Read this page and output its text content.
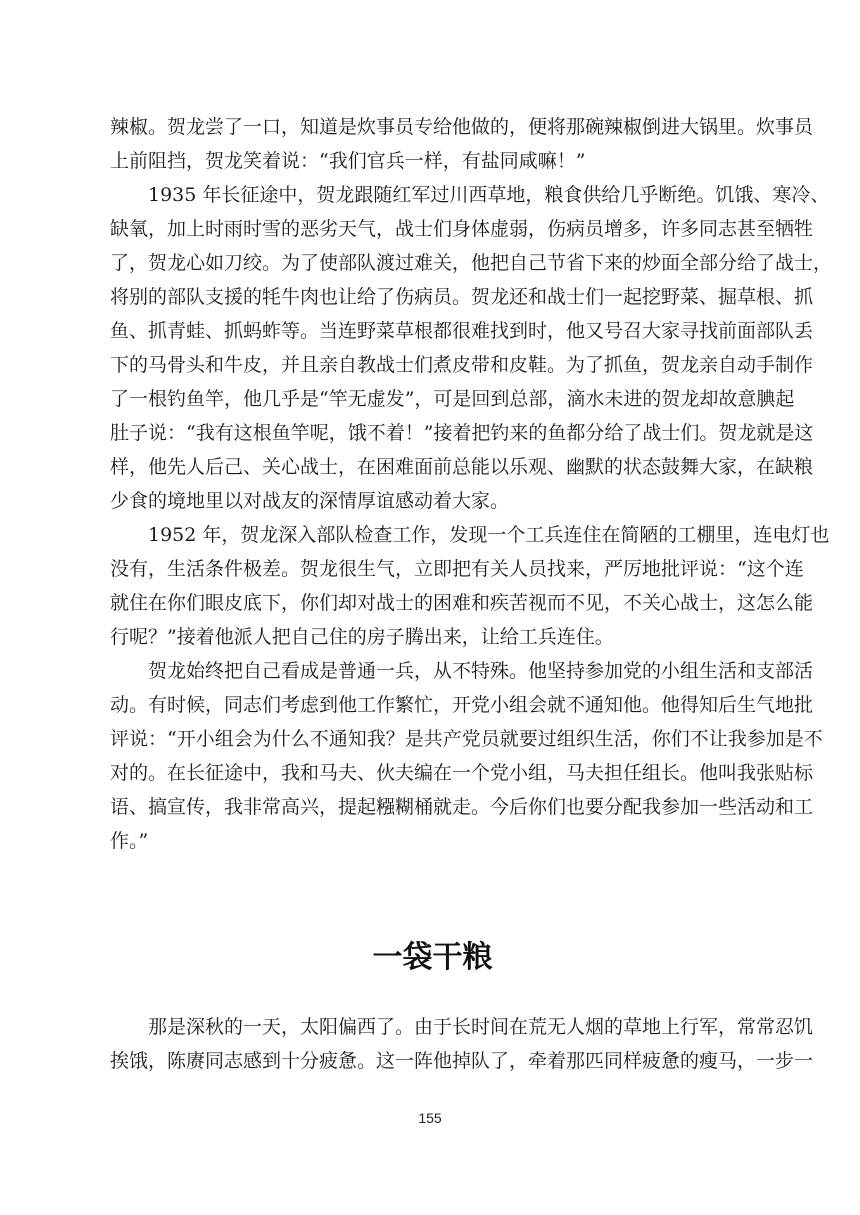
辣椒。贺龙尝了一口，知道是炊事员专给他做的，便将那碗辣椒倒进大锅里。炊事员
上前阻挡，贺龙笑着说：“我们官兵一样，有盐同咸嘛！”
1935 年长征途中，贺龙跟随红军过川西草地，粮食供给几乎断绝。饥饿、寒冷、
缺氧，加上时雨时雪的恶劣天气，战士们身体虚弱，伤病员增多，许多同志甚至牺牲
了，贺龙心如刀绞。为了使部队渡过难关，他把自己节省下来的炒面全部分给了战士，
将别的部队支援的牦牛肉也让给了伤病员。贺龙还和战士们一起挖野菜、掘草根、抓
鱼、抓青蛙、抓蚂蚱等。当连野菜草根都很难找到时，他又号召大家寻找前面部队丢
下的马骨头和牛皮，并且亲自教战士们煮皮带和皮鞋。为了抓鱼，贺龙亲自动手制作
了一根钓鱼竿，他几乎是“竿无虚发”，可是回到总部，滴水未进的贺龙却故意腆起
肚子说：“我有这根鱼竿呢，饿不着！”接着把钓来的鱼都分给了战士们。贺龙就是这
样，他先人后己、关心战士，在困难面前总能以乐观、幽默的状态鼓舞大家，在缺粮
少食的境地里以对战友的深情厚谊感动着大家。
1952 年，贺龙深入部队检查工作，发现一个工兵连住在简陋的工棚里，连电灯也
没有，生活条件极差。贺龙很生气，立即把有关人员找来，严厉地批评说：“这个连
就住在你们眼皮底下，你们却对战士的困难和疾苦视而不见，不关心战士，这怎么能
行呢？”接着他派人把自己住的房子腾出来，让给工兵连住。
贺龙始终把自己看成是普通一兵，从不特殊。他坚持参加党的小组生活和支部活
动。有时候，同志们考虑到他工作繁忙，开党小组会就不通知他。他得知后生气地批
评说：“开小组会为什么不通知我？是共产党员就要过组织生活，你们不让我参加是不
对的。在长征途中，我和马夫、伙夫编在一个党小组，马夫担任组长。他叫我张贴标
语、搞宣传，我非常高兴，提起糨糊桶就走。今后你们也要分配我参加一些活动和工
作。”
一袋干粮
那是深秋的一天，太阳偏西了。由于长时间在荒无人烟的草地上行军，常常忍饥
挨饿，陈赓同志感到十分疲惫。这一阵他掉队了，牵着那匹同样疲惫的瘦马，一步一
155
